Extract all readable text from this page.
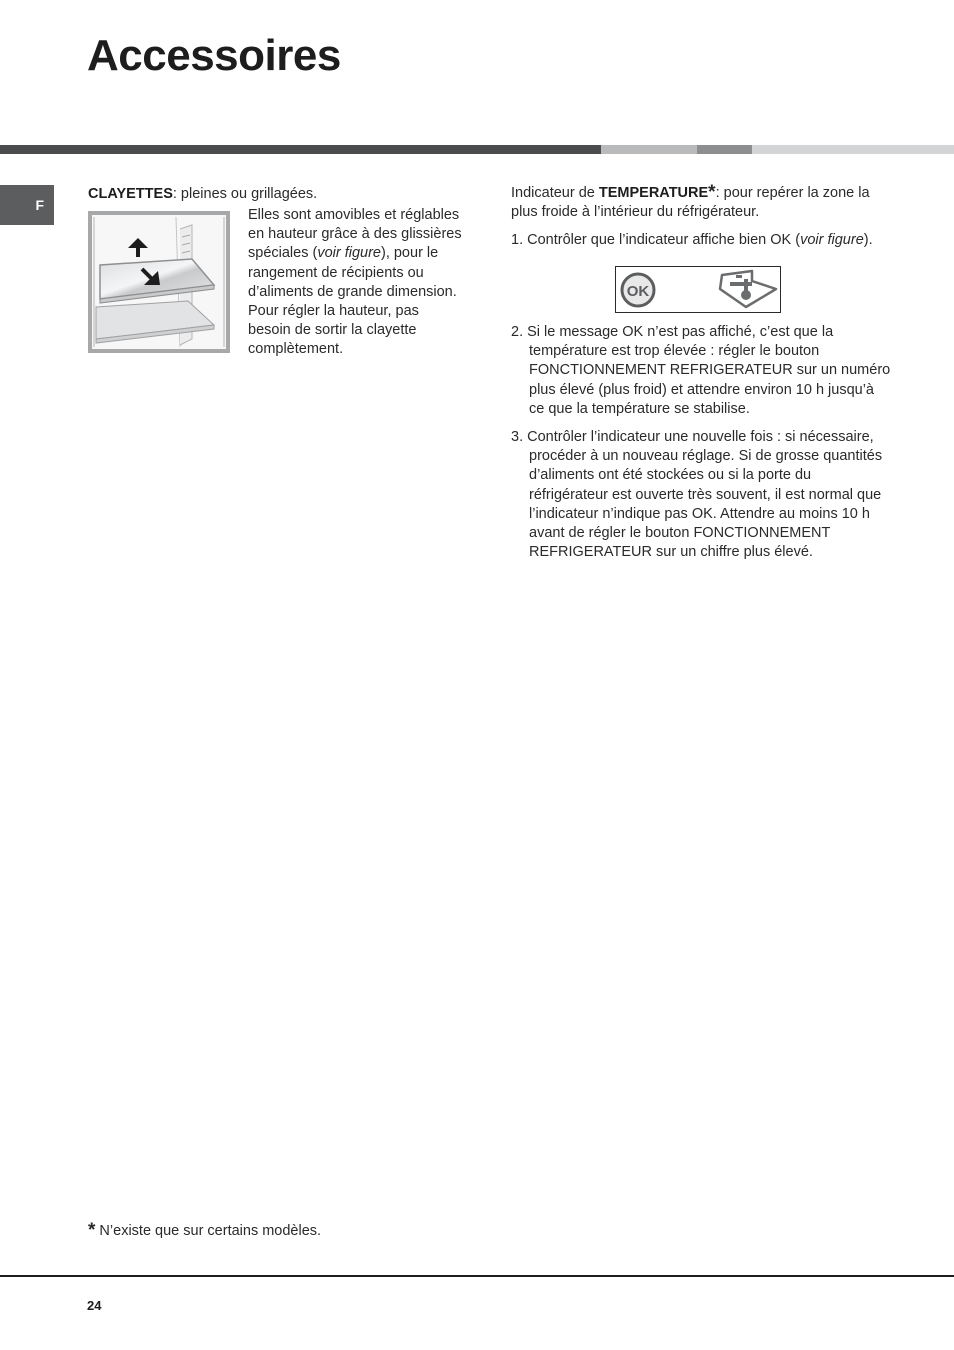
Accessoires
F
CLAYETTES: pleines ou grillagées.
Elles sont amovibles et réglables en hauteur grâce à des glissières spéciales (voir figure), pour le rangement de récipients ou d’aliments de grande dimension. Pour régler la hauteur, pas besoin de sortir la clayette complètement.
Indicateur de TEMPERATURE*: pour repérer la zone la plus froide à l’intérieur du réfrigérateur.
1. Contrôler que l’indicateur affiche bien OK (voir figure).
OK
2. Si le message OK n’est pas affiché, c’est que la température est trop élevée : régler le bouton FONCTIONNEMENT REFRIGERATEUR sur un numéro plus élevé (plus froid) et attendre environ 10 h jusqu’à ce que la température se stabilise.
3. Contrôler l’indicateur une nouvelle fois : si nécessaire, procéder à un nouveau réglage. Si de grosse quantités d’aliments ont été stockées ou si la porte du réfrigérateur est ouverte très souvent, il est normal que l’indicateur n’indique pas OK. Attendre au moins 10 h avant de régler le bouton FONCTIONNEMENT REFRIGERATEUR sur un chiffre plus élevé.
* N’existe que sur certains modèles.
24
